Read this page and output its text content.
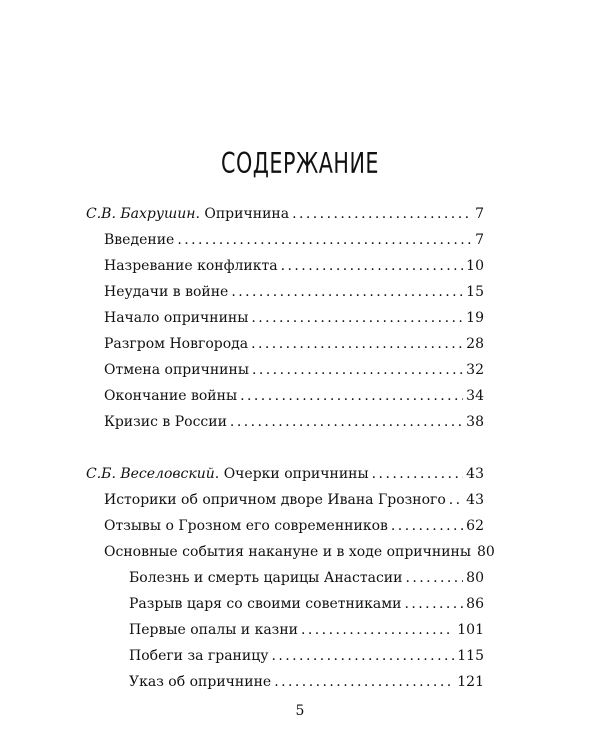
СОДЕРЖАНИЕ
С.В. Бахрушин. Опричнина . . .	7
Введение . . .	7
Назревание конфликта . . .	10
Неудачи в войне . . .	15
Начало опричнины . . .	19
Разгром Новгорода . . .	28
Отмена опричнины . . .	32
Окончание войны . . .	34
Кризис в России . . .	38
С.Б. Веселовский. Очерки опричнины . . .	43
Историки об опричном дворе Ивана Грозного . . . 43
Отзывы о Грозном его современников . . .	62
Основные события накануне и в ходе опричнины 80
Болезнь и смерть царицы Анастасии . . .	80
Разрыв царя со своими советниками . . .	86
Первые опалы и казни . . .	101
Побеги за границу . . .	115
Указ об опричнине . . .	121
5
